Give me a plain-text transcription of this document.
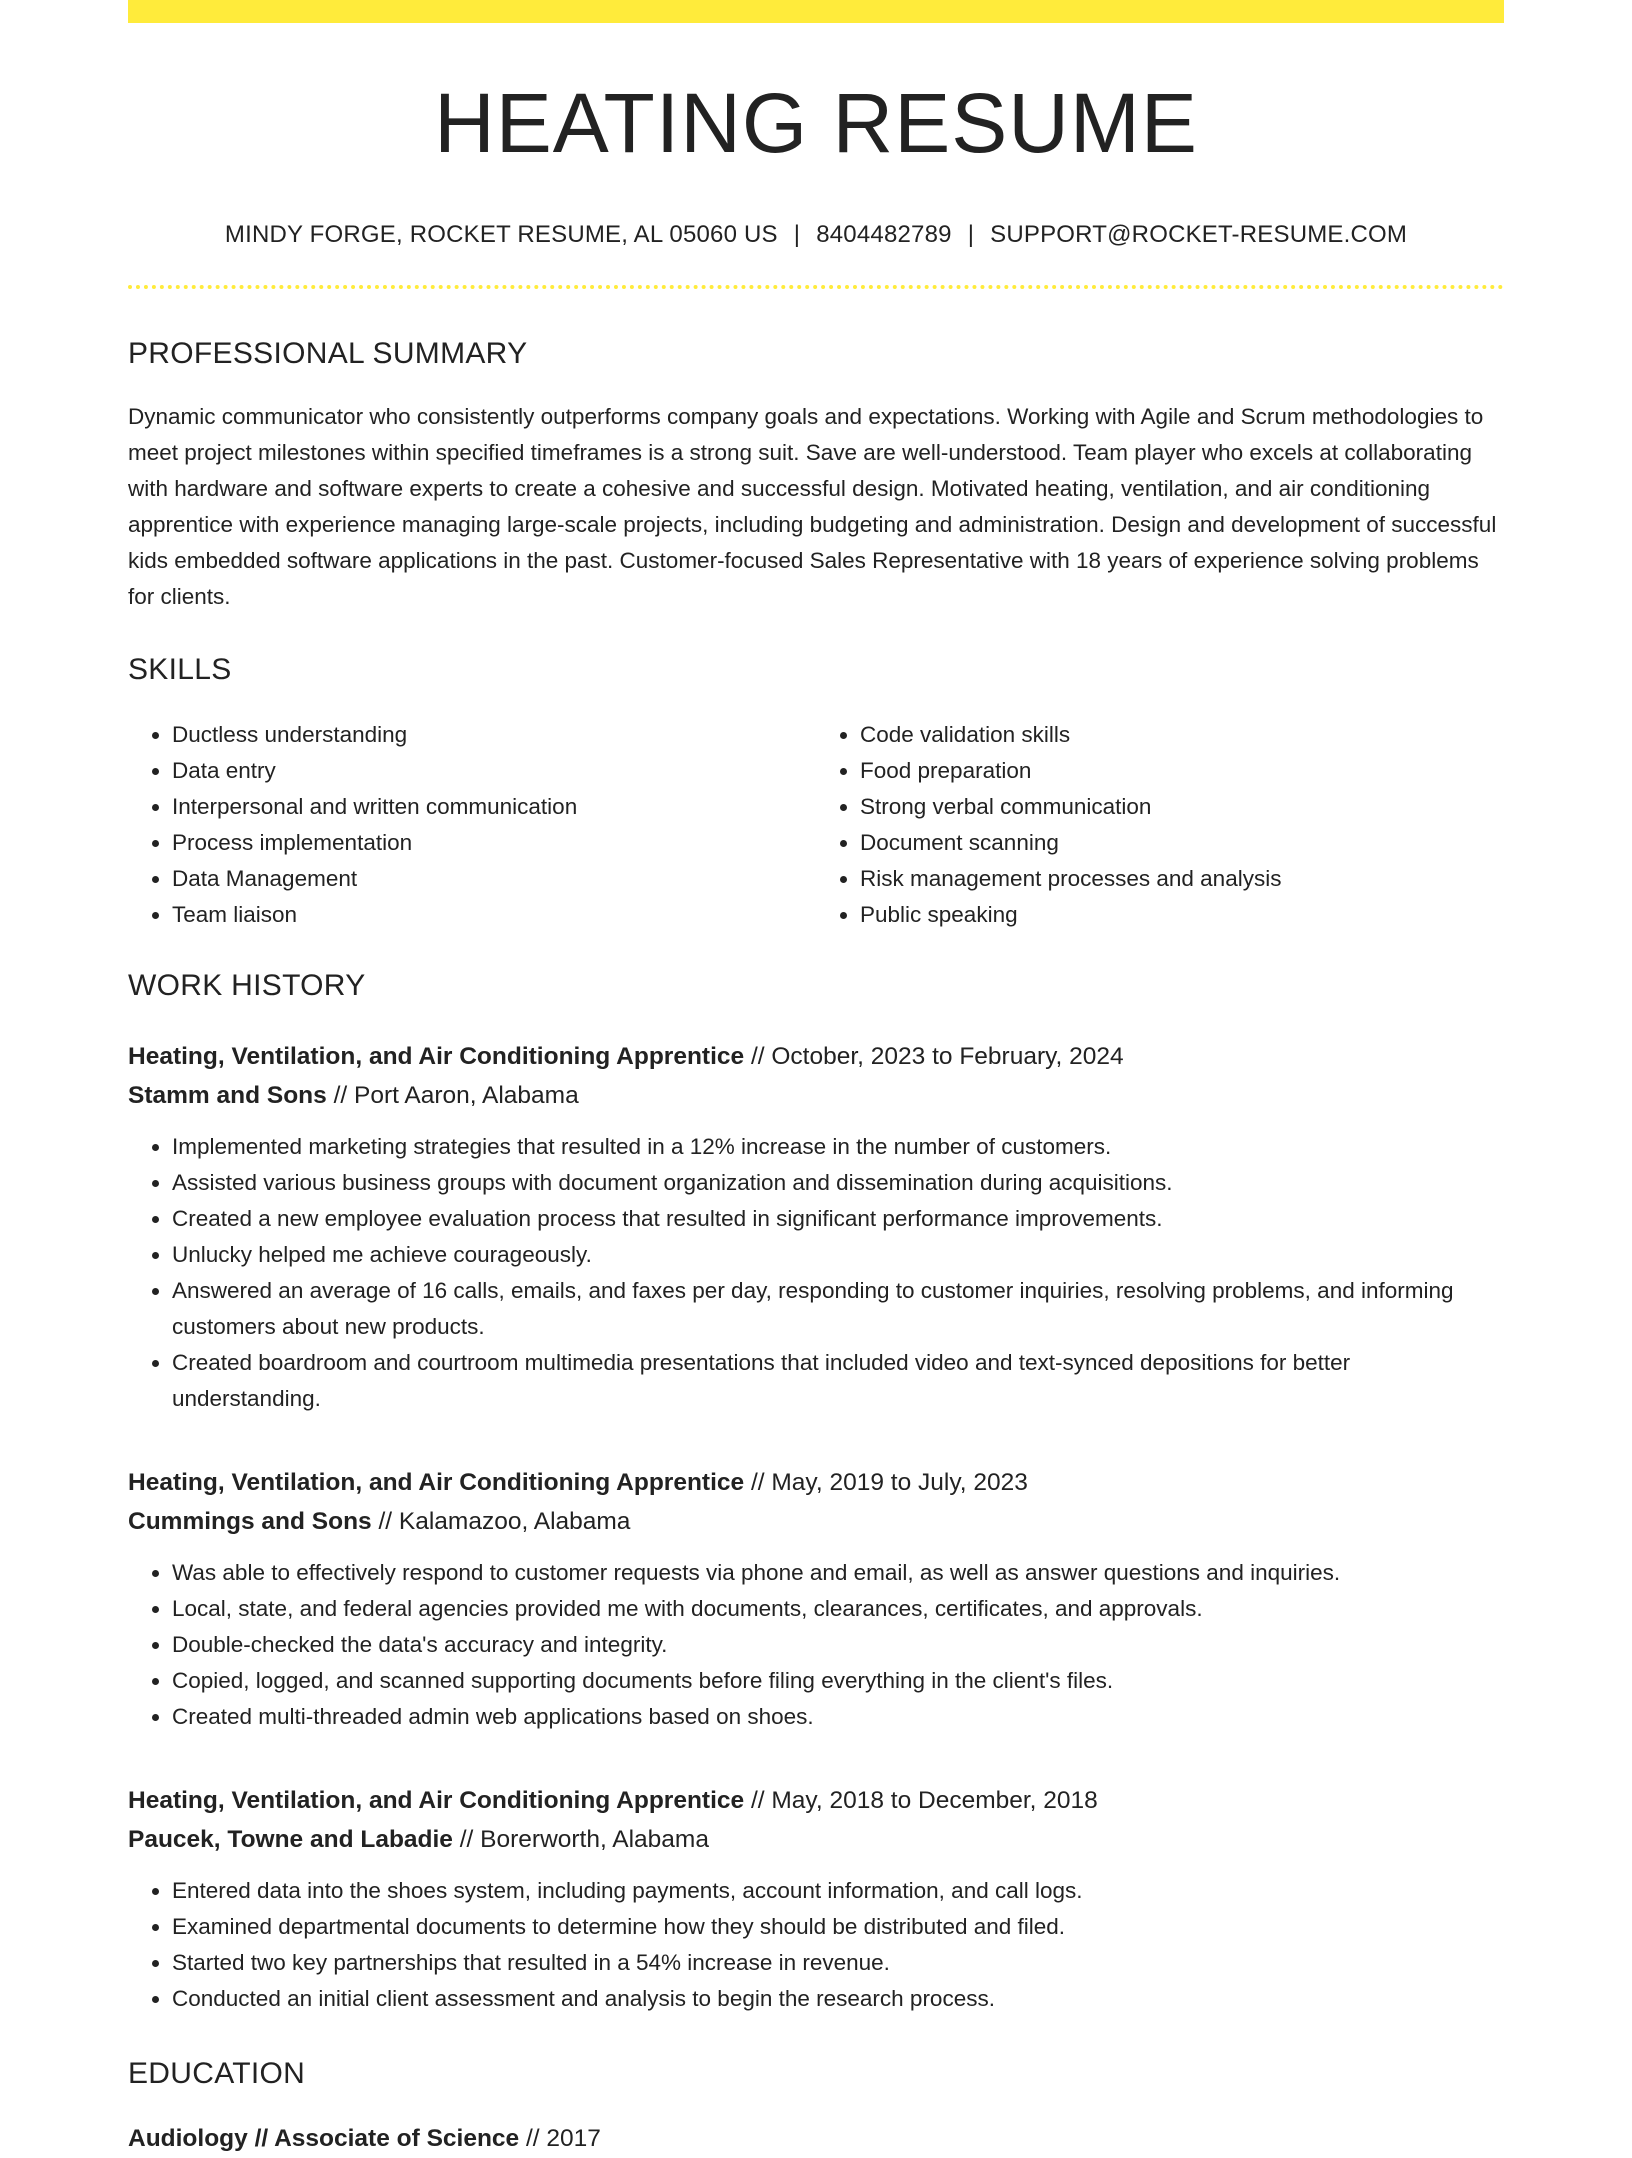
HEATING RESUME
MINDY FORGE, ROCKET RESUME, AL 05060 US | 8404482789 | SUPPORT@ROCKET-RESUME.COM
PROFESSIONAL SUMMARY

Dynamic communicator who consistently outperforms company goals and expectations. Working with Agile and Scrum methodologies to meet project milestones within specified timeframes is a strong suit. Save are well-understood. Team player who excels at collaborating with hardware and software experts to create a cohesive and successful design. Motivated heating, ventilation, and air conditioning apprentice with experience managing large-scale projects, including budgeting and administration. Design and development of successful kids embedded software applications in the past. Customer-focused Sales Representative with 18 years of experience solving problems for clients.

SKILLS
• Ductless understanding
• Data entry
• Interpersonal and written communication
• Process implementation
• Data Management
• Team liaison
• Code validation skills
• Food preparation
• Strong verbal communication
• Document scanning
• Risk management processes and analysis
• Public speaking
WORK HISTORY
Heating, Ventilation, and Air Conditioning Apprentice // October, 2023 to February, 2024
Stamm and Sons // Port Aaron, Alabama
• Implemented marketing strategies that resulted in a 12% increase in the number of customers.
• Assisted various business groups with document organization and dissemination during acquisitions.
• Created a new employee evaluation process that resulted in significant performance improvements.
• Unlucky helped me achieve courageously.
• Answered an average of 16 calls, emails, and faxes per day, responding to customer inquiries, resolving problems, and informing customers about new products.
• Created boardroom and courtroom multimedia presentations that included video and text-synced depositions for better understanding.
Heating, Ventilation, and Air Conditioning Apprentice // May, 2019 to July, 2023
Cummings and Sons // Kalamazoo, Alabama
• Was able to effectively respond to customer requests via phone and email, as well as answer questions and inquiries.
• Local, state, and federal agencies provided me with documents, clearances, certificates, and approvals.
• Double-checked the data's accuracy and integrity.
• Copied, logged, and scanned supporting documents before filing everything in the client's files.
• Created multi-threaded admin web applications based on shoes.
Heating, Ventilation, and Air Conditioning Apprentice // May, 2018 to December, 2018
Paucek, Towne and Labadie // Borerworth, Alabama
• Entered data into the shoes system, including payments, account information, and call logs.
• Examined departmental documents to determine how they should be distributed and filed.
• Started two key partnerships that resulted in a 54% increase in revenue.
• Conducted an initial client assessment and analysis to begin the research process.
EDUCATION
Audiology // Associate of Science // 2017
